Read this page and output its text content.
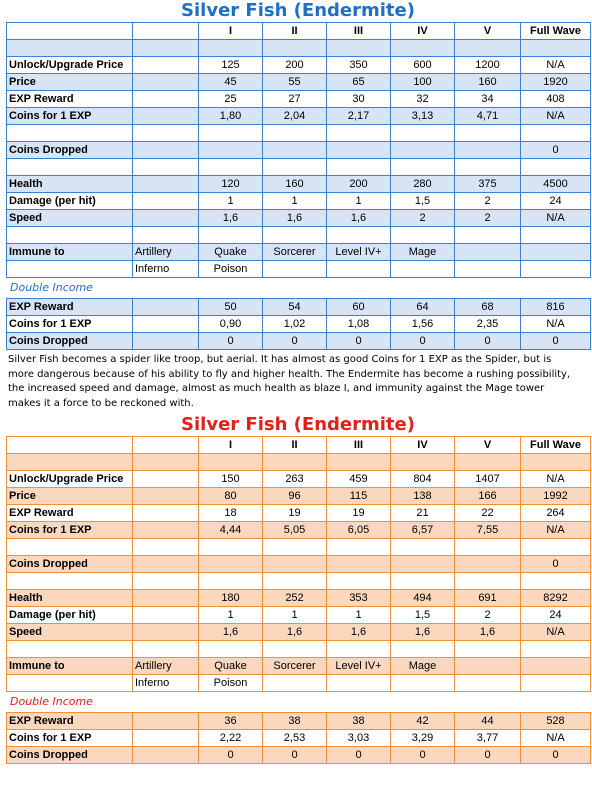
Silver Fish (Endermite)
		I	II	III	IV	V	Full Wave

Unlock/Upgrade Price		125	200	350	600	1200	N/A
Price		45	55	65	100	160	1920
EXP Reward		25	27	30	32	34	408
Coins for 1 EXP		1,80	2,04	2,17	3,13	4,71	N/A

Coins Dropped							0

Health		120	160	200	280	375	4500
Damage (per hit)		1	1	1	1,5	2	24
Speed		1,6	1,6	1,6	2	2	N/A

Immune to	Artillery	Quake	Sorcerer	Level IV+	Mage		
	Inferno	Poison					
Double Income							
EXP Reward		50	54	60	64	68	816
Coins for 1 EXP		0,90	1,02	1,08	1,56	2,35	N/A
Coins Dropped		0	0	0	0	0	0

Silver Fish becomes a spider like troop, but aerial. It has almost as good Coins for 1 EXP as the Spider, but is more dangerous because of his ability to fly and higher health. The Endermite has become a rushing possibility, the increased speed and damage, almost as much health as blaze I, and immunity against the Mage tower makes it a force to be reckoned with.

Silver Fish (Endermite)
		I	II	III	IV	V	Full Wave

Unlock/Upgrade Price		150	263	459	804	1407	N/A
Price		80	96	115	138	166	1992
EXP Reward		18	19	19	21	22	264
Coins for 1 EXP		4,44	5,05	6,05	6,57	7,55	N/A

Coins Dropped							0

Health		180	252	353	494	691	8292
Damage (per hit)		1	1	1	1,5	2	24
Speed		1,6	1,6	1,6	1,6	1,6	N/A

Immune to	Artillery	Quake	Sorcerer	Level IV+	Mage		
	Inferno	Poison					
Double Income							
EXP Reward		36	38	38	42	44	528
Coins for 1 EXP		2,22	2,53	3,03	3,29	3,77	N/A
Coins Dropped		0	0	0	0	0	0
